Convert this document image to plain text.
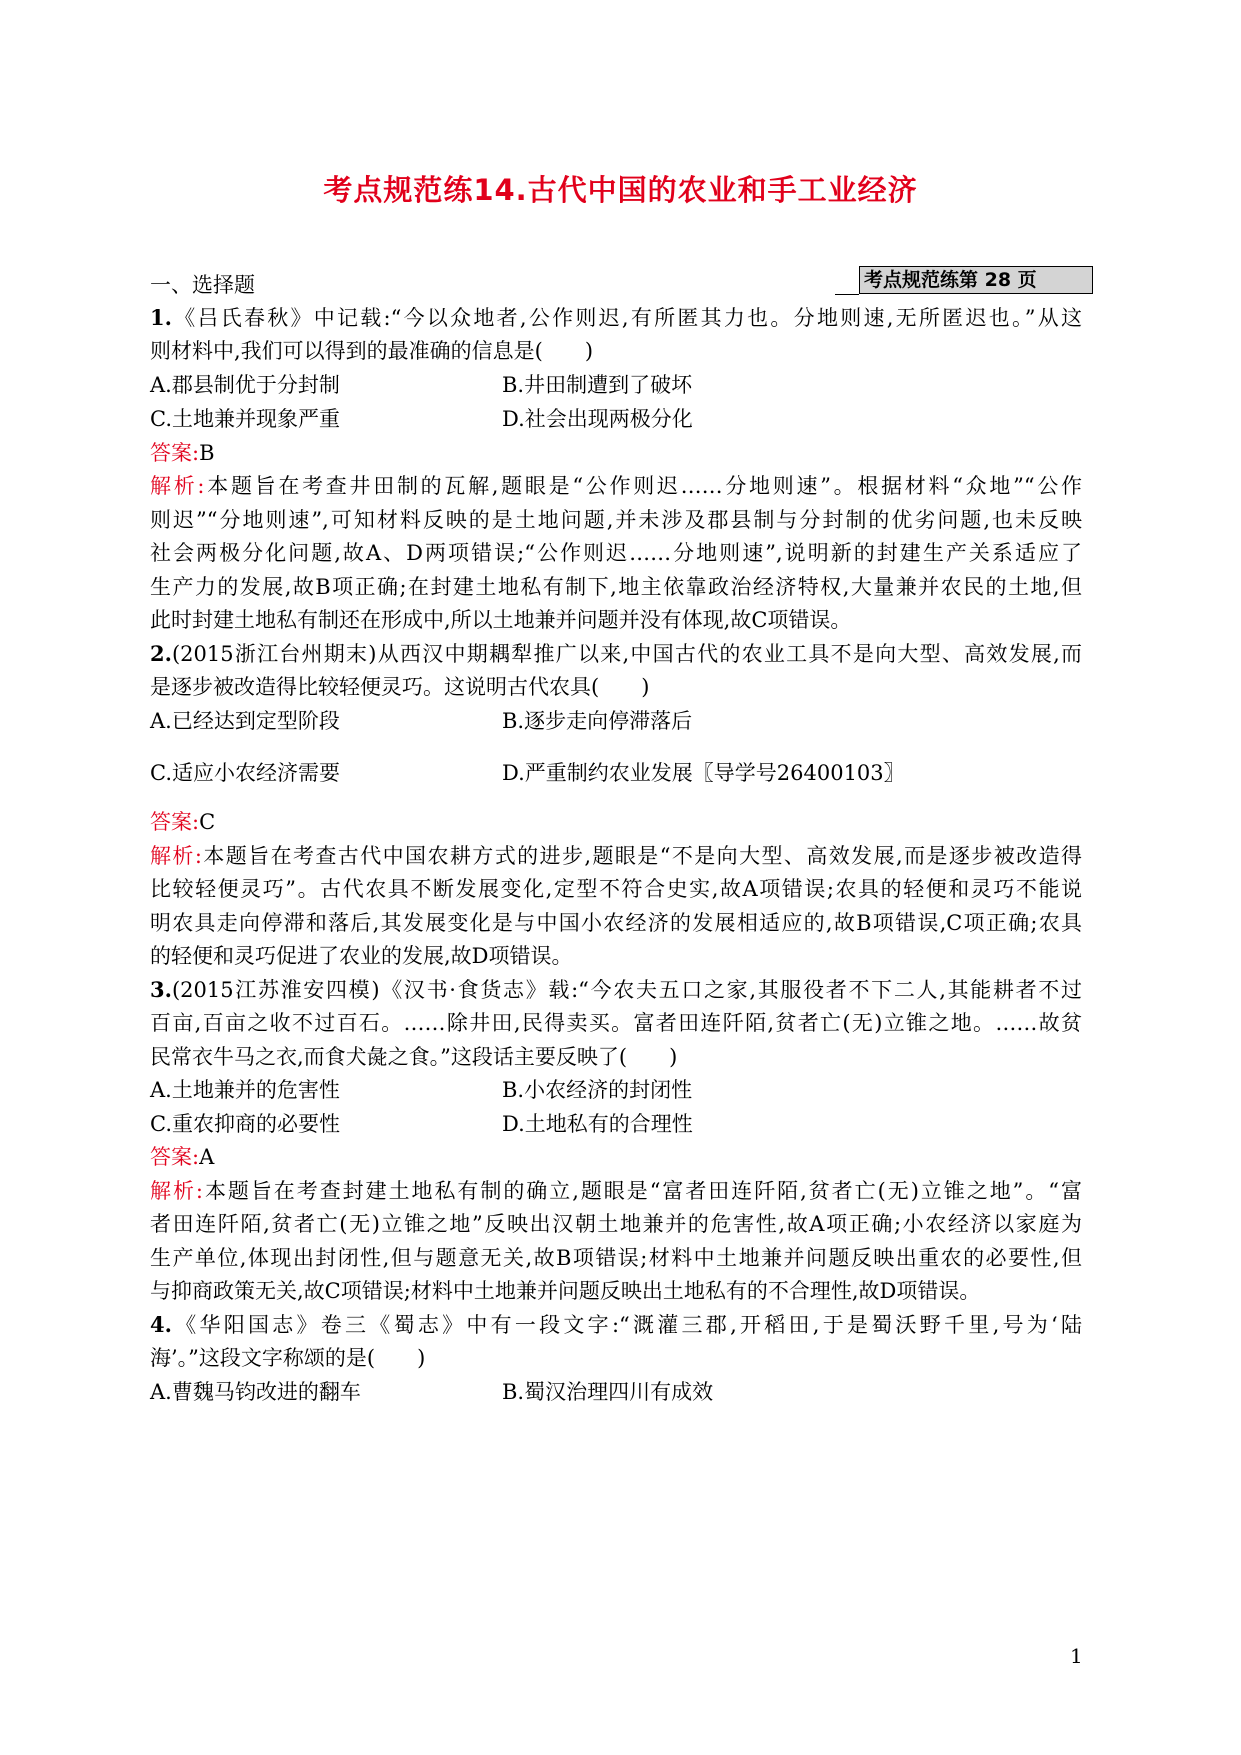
考点规范练14.古代中国的农业和手工业经济
考点规范练第 28 页
一、选择题
1.《吕氏春秋》中记载:“今以众地者,公作则迟,有所匿其力也。分地则速,无所匿迟也。”从这
则材料中,我们可以得到的最准确的信息是(　　)
A.郡县制优于分封制	B.井田制遭到了破坏
C.土地兼并现象严重	D.社会出现两极分化
答案:B
解析:本题旨在考查井田制的瓦解,题眼是“公作则迟……分地则速”。根据材料“众地”“公作
则迟”“分地则速”,可知材料反映的是土地问题,并未涉及郡县制与分封制的优劣问题,也未反映
社会两极分化问题,故A、D两项错误;“公作则迟……分地则速”,说明新的封建生产关系适应了
生产力的发展,故B项正确;在封建土地私有制下,地主依靠政治经济特权,大量兼并农民的土地,但
此时封建土地私有制还在形成中,所以土地兼并问题并没有体现,故C项错误。
2.(2015浙江台州期末)从西汉中期耦犁推广以来,中国古代的农业工具不是向大型、高效发展,而
是逐步被改造得比较轻便灵巧。这说明古代农具(　　)
A.已经达到定型阶段	B.逐步走向停滞落后
C.适应小农经济需要	D.严重制约农业发展〖导学号26400103〗
答案:C
解析:本题旨在考查古代中国农耕方式的进步,题眼是“不是向大型、高效发展,而是逐步被改造得
比较轻便灵巧”。古代农具不断发展变化,定型不符合史实,故A项错误;农具的轻便和灵巧不能说
明农具走向停滞和落后,其发展变化是与中国小农经济的发展相适应的,故B项错误,C项正确;农具
的轻便和灵巧促进了农业的发展,故D项错误。
3.(2015江苏淮安四模)《汉书·食货志》载:“今农夫五口之家,其服役者不下二人,其能耕者不过
百亩,百亩之收不过百石。……除井田,民得卖买。富者田连阡陌,贫者亡(无)立锥之地。……故贫
民常衣牛马之衣,而食犬彘之食。”这段话主要反映了(　　)
A.土地兼并的危害性	B.小农经济的封闭性
C.重农抑商的必要性	D.土地私有的合理性
答案:A
解析:本题旨在考查封建土地私有制的确立,题眼是“富者田连阡陌,贫者亡(无)立锥之地”。“富
者田连阡陌,贫者亡(无)立锥之地”反映出汉朝土地兼并的危害性,故A项正确;小农经济以家庭为
生产单位,体现出封闭性,但与题意无关,故B项错误;材料中土地兼并问题反映出重农的必要性,但
与抑商政策无关,故C项错误;材料中土地兼并问题反映出土地私有的不合理性,故D项错误。
4.《华阳国志》卷三《蜀志》中有一段文字:“溉灌三郡,开稻田,于是蜀沃野千里,号为‘陆
海’。”这段文字称颂的是(　　)
A.曹魏马钧改进的翻车	B.蜀汉治理四川有成效
1
